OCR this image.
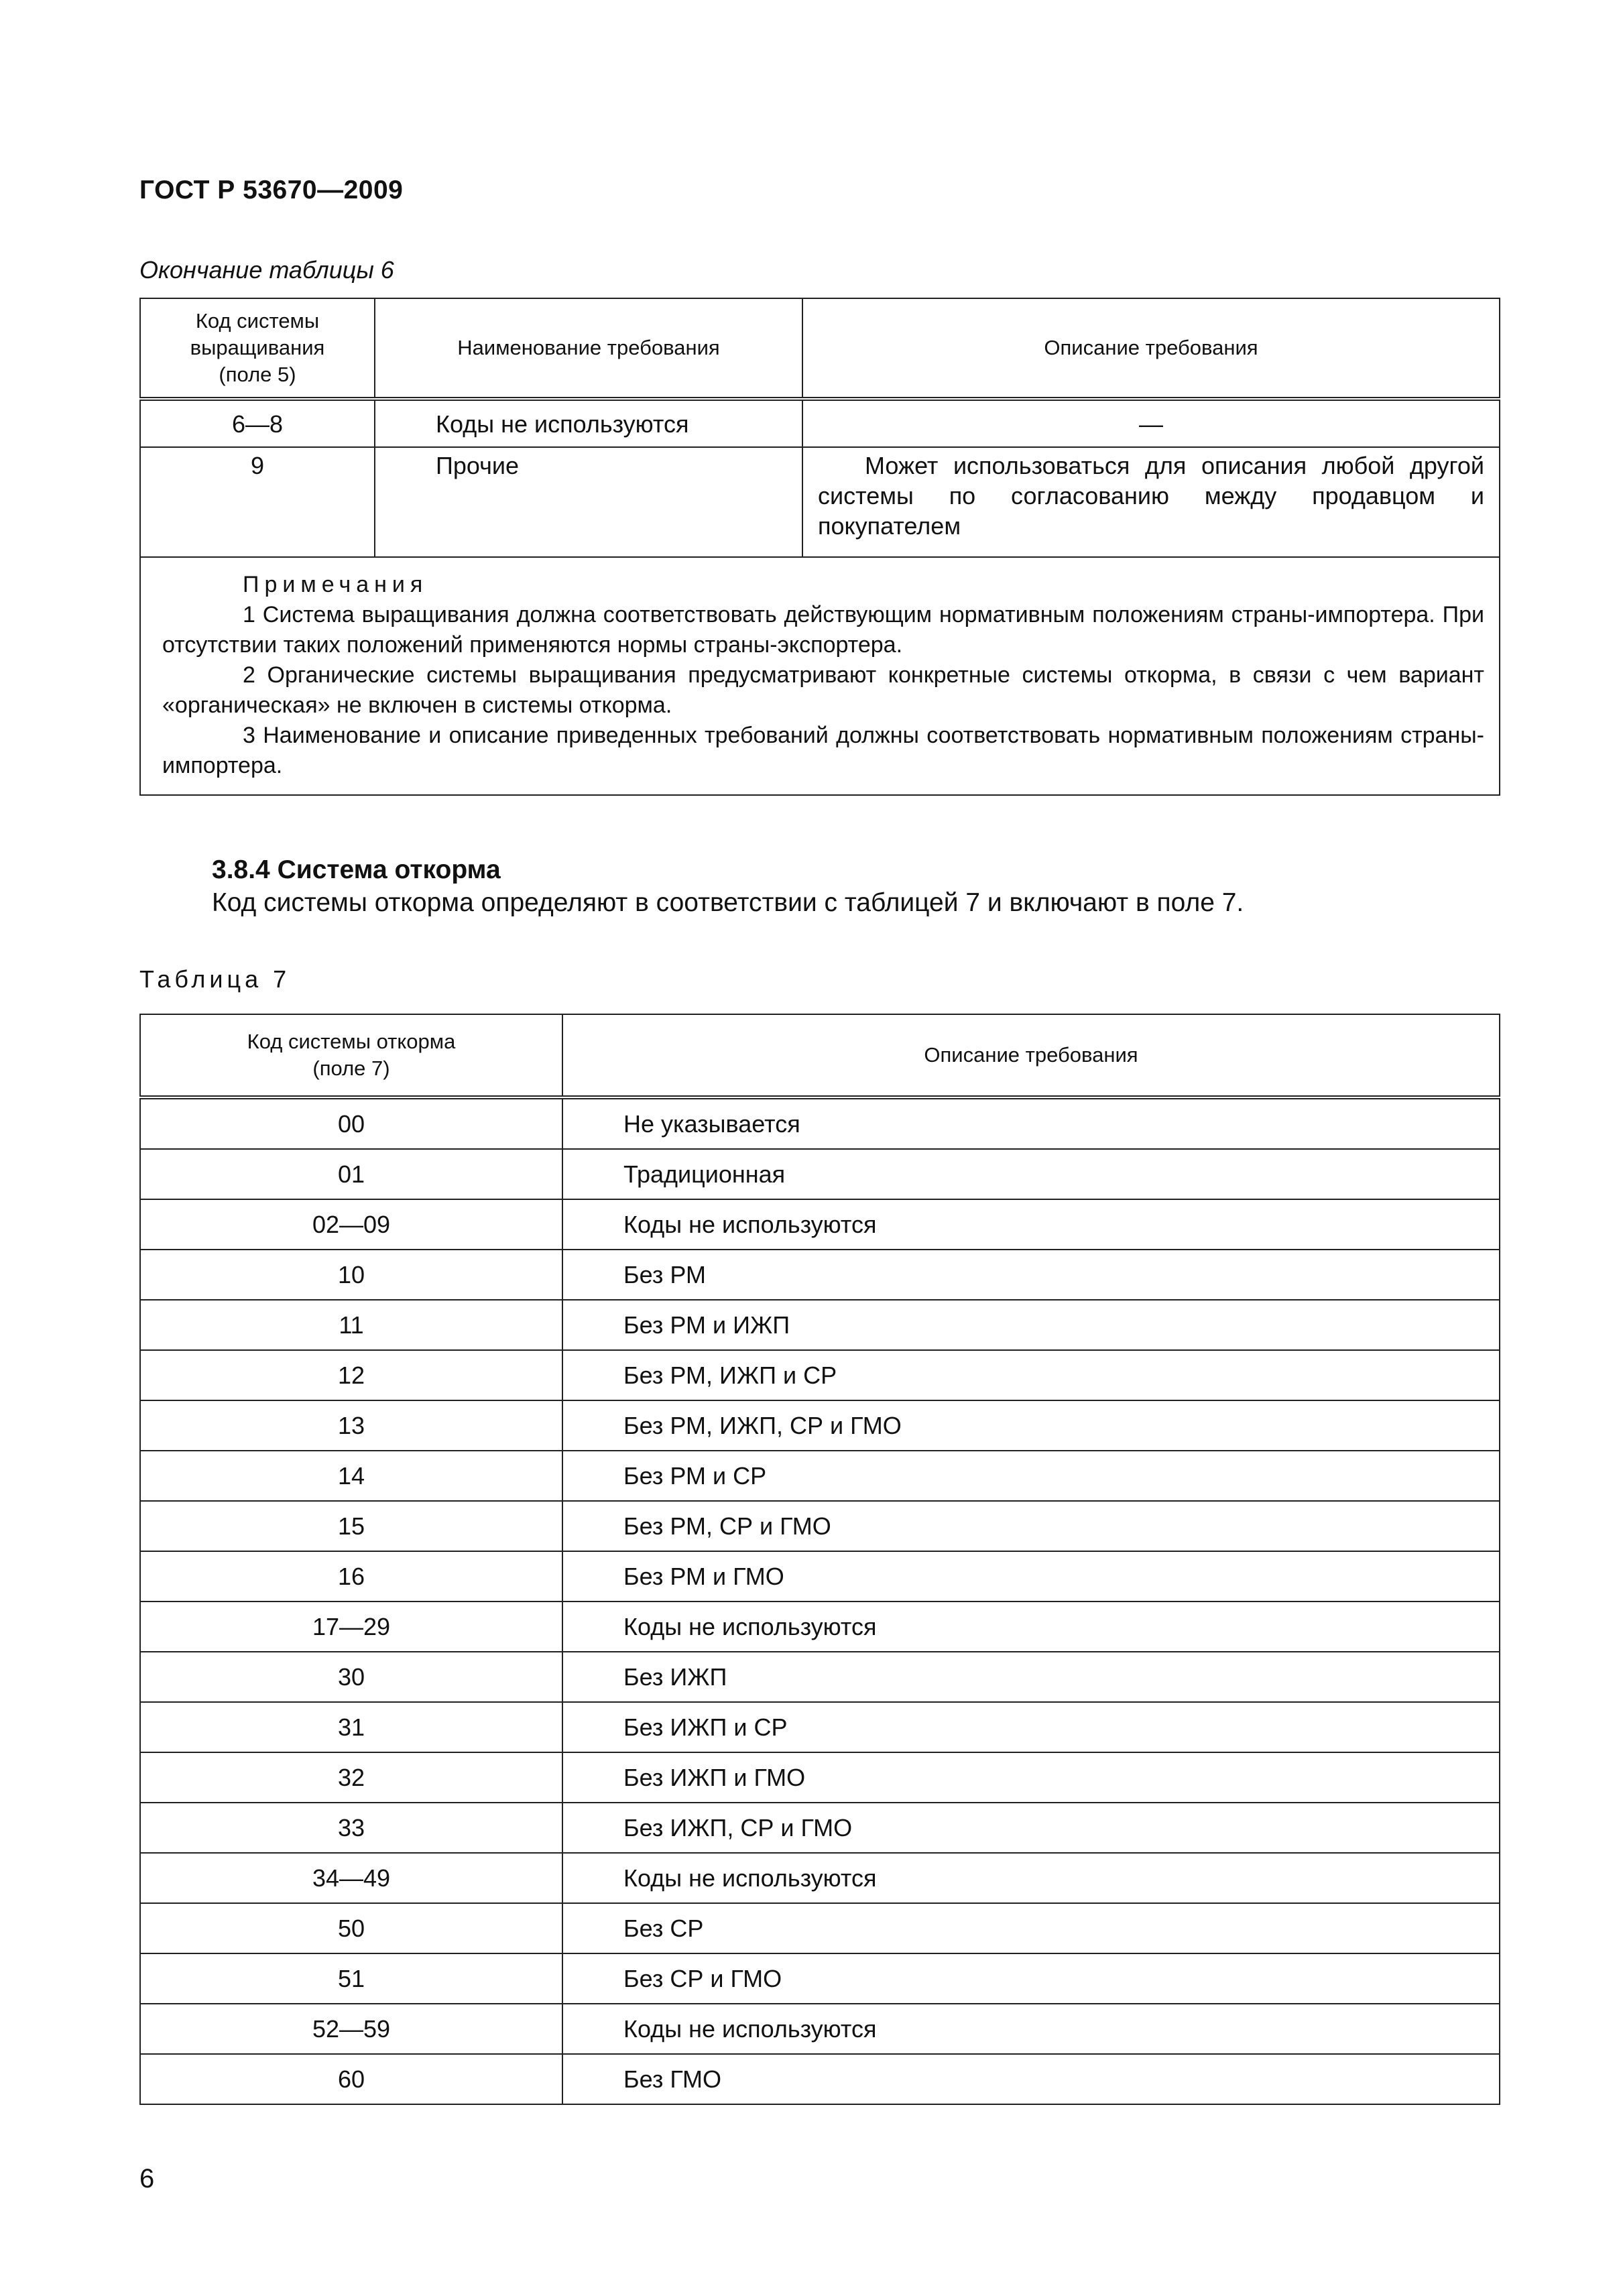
ГОСТ Р 53670—2009
Окончание таблицы 6
Код системы выращивания (поле 5)	Наименование требования	Описание требования
6—8	Коды не используются	—
9	Прочие	Может использоваться для описания любой другой системы по согласованию между продавцом и покупателем

Примечания
1 Система выращивания должна соответствовать действующим нормативным положениям страны-импортера. При отсутствии таких положений применяются нормы страны-экспортера.
2 Органические системы выращивания предусматривают конкретные системы откорма, в связи с чем вариант «органическая» не включен в системы откорма.
3 Наименование и описание приведенных требований должны соответствовать нормативным положениям страны-импортера.		
3.8.4 Система откорма
Код системы откорма определяют в соответствии с таблицей 7 и включают в поле 7.
Таблица 7
Код системы откорма (поле 7)	Описание требования
00	Не указывается
01	Традиционная
02—09	Коды не используются
10	Без РМ
11	Без РМ и ИЖП
12	Без РМ, ИЖП и СР
13	Без РМ, ИЖП, СР и ГМО
14	Без РМ и СР
15	Без РМ, СР и ГМО
16	Без РМ и ГМО
17—29	Коды не используются
30	Без ИЖП
31	Без ИЖП и СР
32	Без ИЖП и ГМО
33	Без ИЖП, СР и ГМО
34—49	Коды не используются
50	Без СР
51	Без СР и ГМО
52—59	Коды не используются
60	Без ГМО
6
